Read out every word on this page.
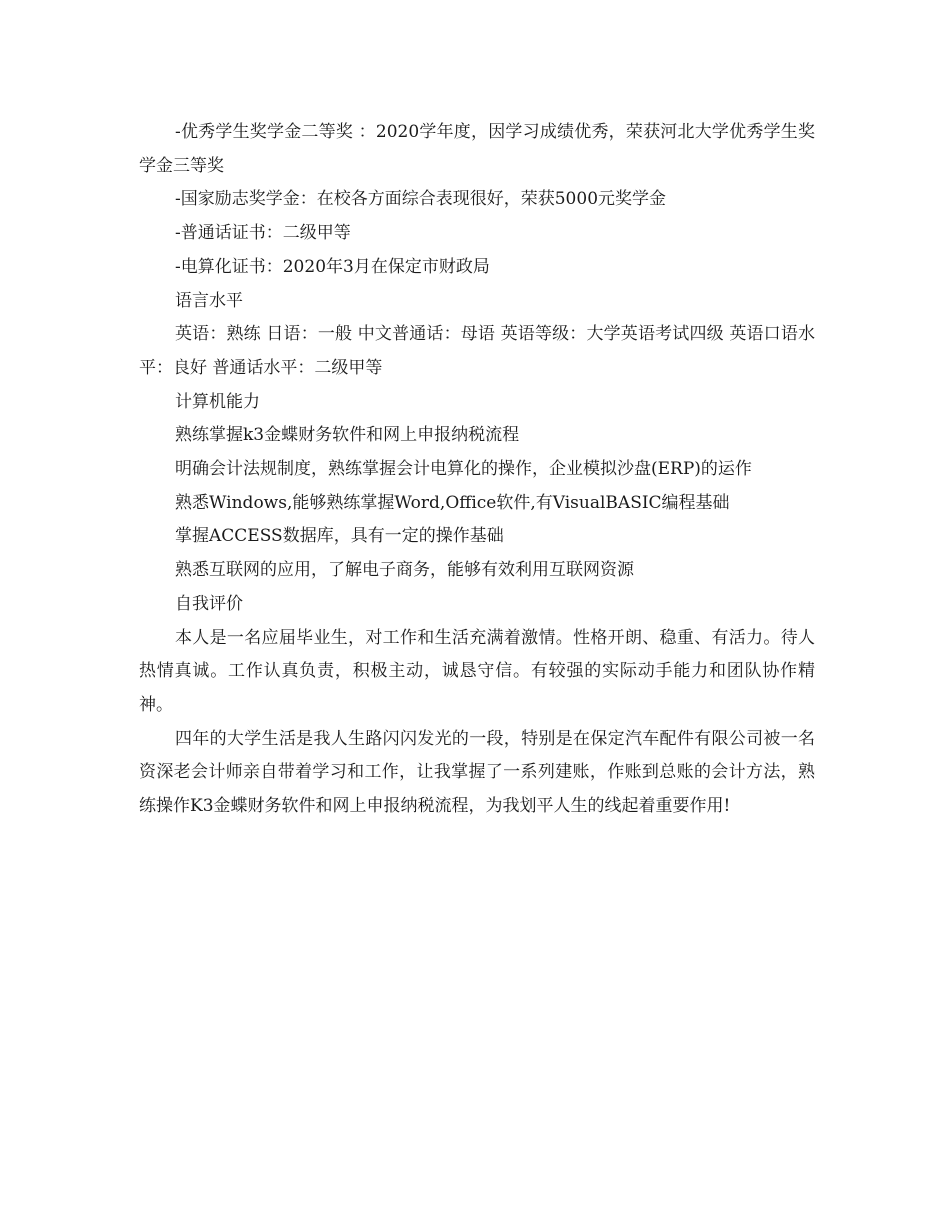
-优秀学生奖学金二等奖 ：2020学年度，因学习成绩优秀，荣获河北大学优秀学生奖学金三等奖

-国家励志奖学金：在校各方面综合表现很好，荣获5000元奖学金

-普通话证书：二级甲等

-电算化证书：2020年3月在保定市财政局

语言水平

英语：熟练 日语：一般 中文普通话：母语 英语等级：大学英语考试四级 英语口语水平：良好 普通话水平：二级甲等

计算机能力

熟练掌握k3金蝶财务软件和网上申报纳税流程

明确会计法规制度，熟练掌握会计电算化的操作，企业模拟沙盘(ERP)的运作

熟悉Windows,能够熟练掌握Word,Office软件,有VisualBASIC编程基础

掌握ACCESS数据库，具有一定的操作基础

熟悉互联网的应用，了解电子商务，能够有效利用互联网资源

自我评价

本人是一名应届毕业生，对工作和生活充满着激情。性格开朗、稳重、有活力。待人热情真诚。工作认真负责，积极主动，诚恳守信。有较强的实际动手能力和团队协作精神。

四年的大学生活是我人生路闪闪发光的一段，特别是在保定汽车配件有限公司被一名资深老会计师亲自带着学习和工作，让我掌握了一系列建账，作账到总账的会计方法，熟练操作K3金蝶财务软件和网上申报纳税流程，为我划平人生的线起着重要作用!
